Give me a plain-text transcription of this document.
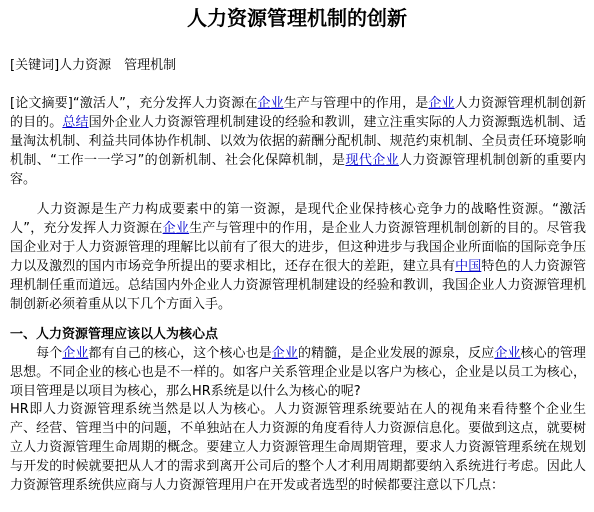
人力资源管理机制的创新

[关键词]人力资源　管理机制

[论文摘要]“激活人”，充分发挥人力资源在企业生产与管理中的作用，是企业人力资源管理机制创新的目的。总结国外企业人力资源管理机制建设的经验和教训，建立注重实际的人力资源甄选机制、适量淘汰机制、利益共同体协作机制、以效为依据的薪酬分配机制、规范约束机制、全员责任环境影响机制、“工作一一学习”的创新机制、社会化保障机制，是现代企业人力资源管理机制创新的重要内容。

人力资源是生产力构成要素中的第一资源，是现代企业保持核心竞争力的战略性资源。“激活人”，充分发挥人力资源在企业生产与管理中的作用，是企业人力资源管理机制创新的目的。尽管我国企业对于人力资源管理的理解比以前有了很大的进步，但这种进步与我国企业所面临的国际竞争压力以及激烈的国内市场竞争所提出的要求相比，还存在很大的差距，建立具有中国特色的人力资源管理机制任重而道远。总结国内外企业人力资源管理机制建设的经验和教训，我国企业人力资源管理机制创新必须着重从以下几个方面入手。

一、人力资源管理应该以人为核心点

每个企业都有自己的核心，这个核心也是企业的精髓，是企业发展的源泉，反应企业核心的管理思想。不同企业的核心也是不一样的。如客户关系管理企业是以客户为核心，企业是以员工为核心，项目管理是以项目为核心，那么HR系统是以什么为核心的呢?

HR即人力资源管理系统当然是以人为核心。人力资源管理系统要站在人的视角来看待整个企业生产、经营、管理当中的问题，不单独站在人力资源的角度看待人力资源信息化。要做到这点，就要树立人力资源管理生命周期的概念。要建立人力资源管理生命周期管理，要求人力资源管理系统在规划与开发的时候就要把从人才的需求到离开公司后的整个人才利用周期都要纳入系统进行考虑。因此人力资源管理系统供应商与人力资源管理用户在开发或者选型的时候都要注意以下几点：
